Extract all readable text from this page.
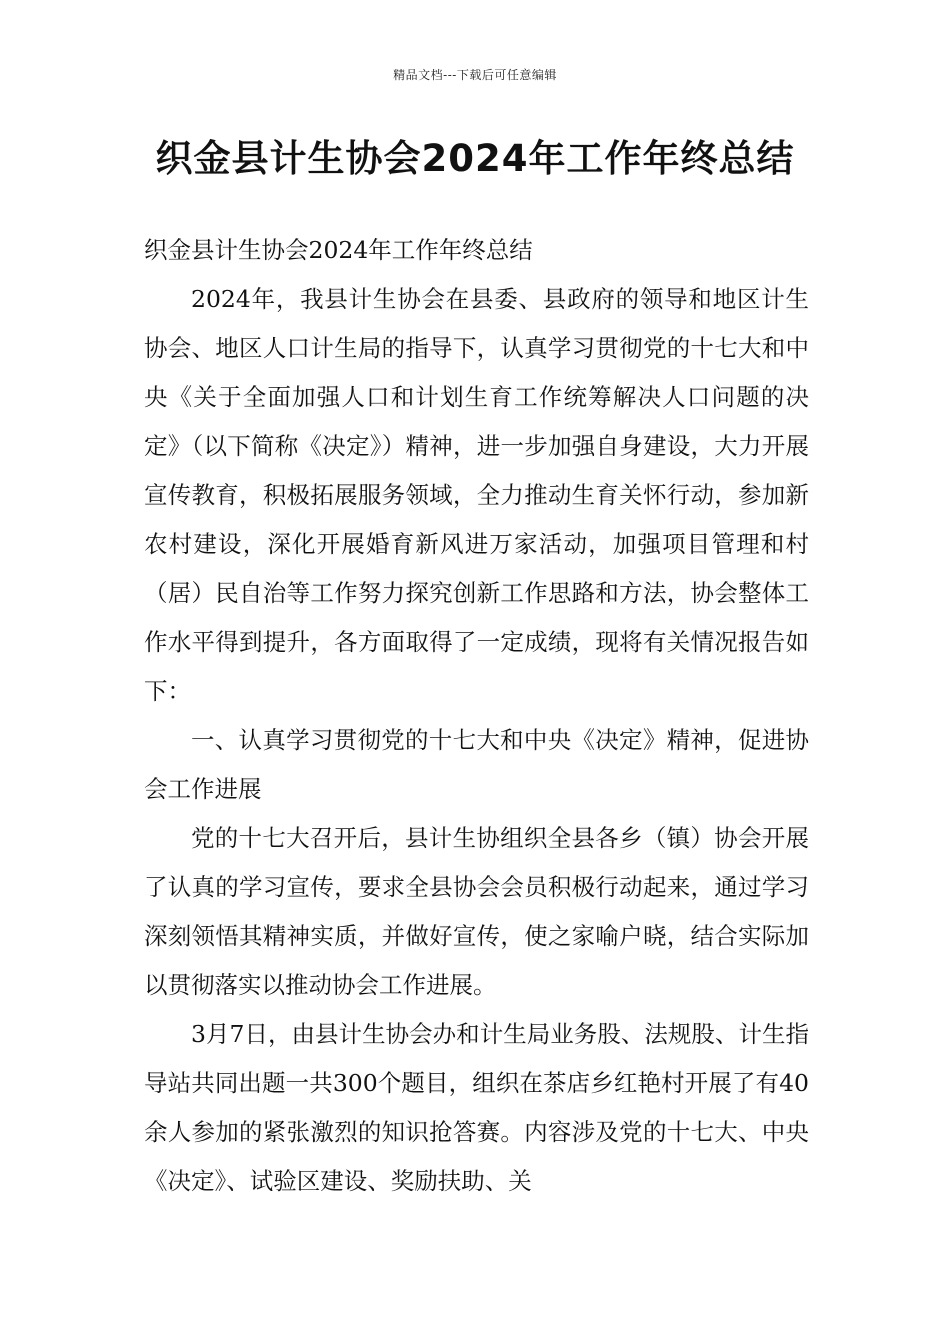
精品文档---下载后可任意编辑
织金县计生协会2024年工作年终总结

织金县计生协会2024年工作年终总结

2024年，我县计生协会在县委、县政府的领导和地区计生协会、地区人口计生局的指导下，认真学习贯彻党的十七大和中央《关于全面加强人口和计划生育工作统筹解决人口问题的决定》（以下简称《决定》）精神，进一步加强自身建设，大力开展宣传教育，积极拓展服务领域，全力推动生育关怀行动，参加新农村建设，深化开展婚育新风进万家活动，加强项目管理和村（居）民自治等工作努力探究创新工作思路和方法，协会整体工作水平得到提升，各方面取得了一定成绩，现将有关情况报告如下：

一、认真学习贯彻党的十七大和中央《决定》精神，促进协会工作进展

党的十七大召开后，县计生协组织全县各乡（镇）协会开展了认真的学习宣传，要求全县协会会员积极行动起来，通过学习深刻领悟其精神实质，并做好宣传，使之家喻户晓，结合实际加以贯彻落实以推动协会工作进展。

3月7日，由县计生协会办和计生局业务股、法规股、计生指导站共同出题一共300个题目，组织在茶店乡红艳村开展了有40余人参加的紧张激烈的知识抢答赛。内容涉及党的十七大、中央《决定》、试验区建设、奖励扶助、关
